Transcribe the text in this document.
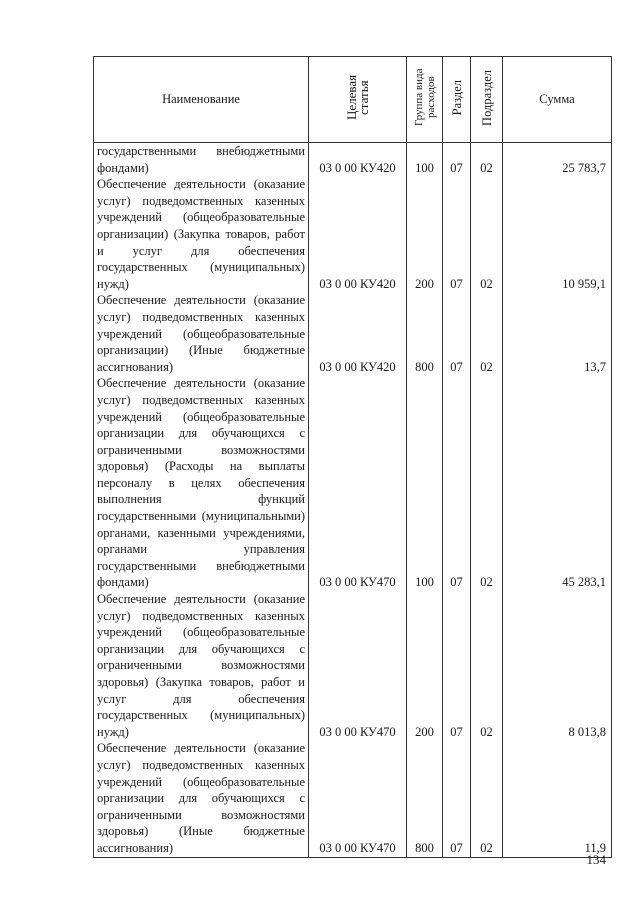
Наименование	Целевая статья	Группа вида расходов	Раздел	Подраздел	Сумма
государственными внебюджетными фондами)	03 0 00 КУ420	100	07	02	25 783,7
Обеспечение деятельности (оказание услуг) подведомственных казенных учреждений (общеобразовательные организации) (Закупка товаров, работ и услуг для обеспечения государственных (муниципальных) нужд)	03 0 00 КУ420	200	07	02	10 959,1
Обеспечение деятельности (оказание услуг) подведомственных казенных учреждений (общеобразовательные организации) (Иные бюджетные ассигнования)	03 0 00 КУ420	800	07	02	13,7
Обеспечение деятельности (оказание услуг) подведомственных казенных учреждений (общеобразовательные организации для обучающихся с ограниченными возможностями здоровья) (Расходы на выплаты персоналу в целях обеспечения выполнения функций государственными (муниципальными) органами, казенными учреждениями, органами управления государственными внебюджетными фондами)	03 0 00 КУ470	100	07	02	45 283,1
Обеспечение деятельности (оказание услуг) подведомственных казенных учреждений (общеобразовательные организации для обучающихся с ограниченными возможностями здоровья) (Закупка товаров, работ и услуг для обеспечения государственных (муниципальных) нужд)	03 0 00 КУ470	200	07	02	8 013,8
Обеспечение деятельности (оказание услуг) подведомственных казенных учреждений (общеобразовательные организации для обучающихся с ограниченными возможностями здоровья) (Иные бюджетные ассигнования)	03 0 00 КУ470	800	07	02	11,9
134
